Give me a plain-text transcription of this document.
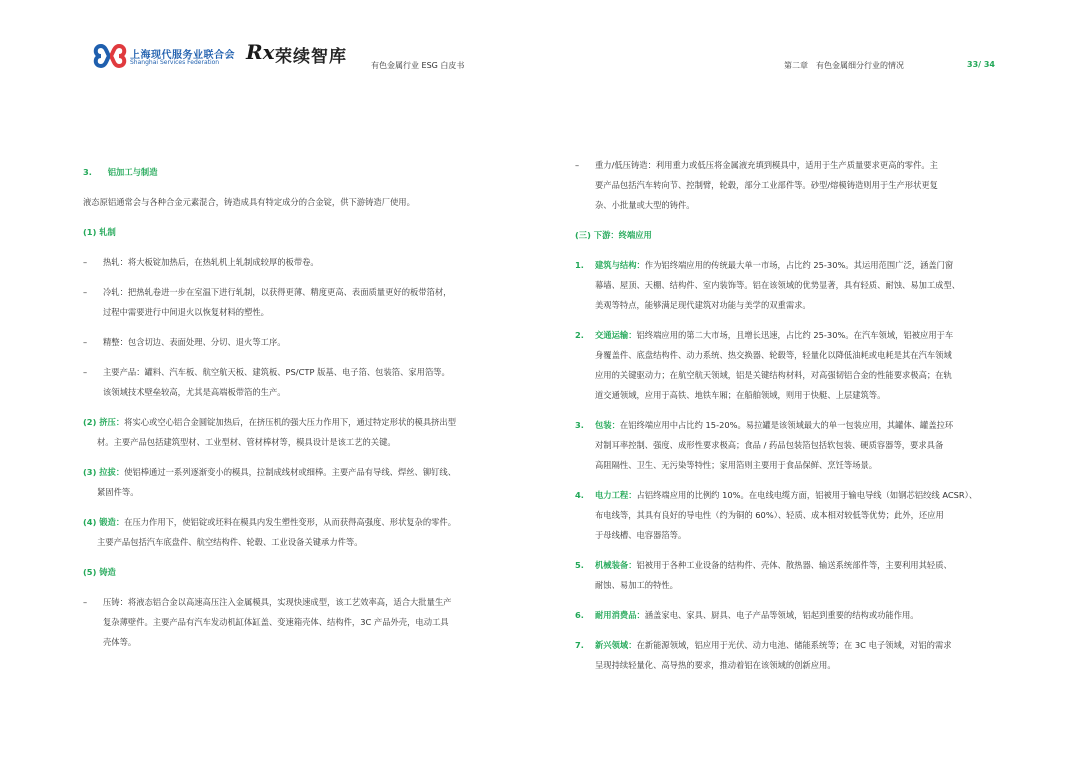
上海现代服务业联合会
Shanghai Services Federation Rx 荣续智库	有色金属行业 ESG 白皮书	第二章　有色金属细分行业的情况	33/ 34
3. 铝加工与制造
液态原铝通常会与各种合金元素混合，铸造成具有特定成分的合金锭，供下游铸造厂使用。
(1) 轧制
– 热轧：将大板锭加热后，在热轧机上轧制成较厚的板带卷。
– 冷轧：把热轧卷进一步在室温下进行轧制，以获得更薄、精度更高、表面质量更好的板带箔材，
过程中需要进行中间退火以恢复材料的塑性。
– 精整：包含切边、表面处理、分切、退火等工序。
– 主要产品：罐料、汽车板、航空航天板、建筑板、PS/CTP 版基、电子箔、包装箔、家用箔等。
该领域技术壁垒较高，尤其是高端板带箔的生产。
(2) 挤压：将实心或空心铝合金圆锭加热后，在挤压机的强大压力作用下，通过特定形状的模具挤出型
材。主要产品包括建筑型材、工业型材、管材棒材等，模具设计是该工艺的关键。
(3) 拉拔：使铝棒通过一系列逐渐变小的模具，拉制成线材或细棒。主要产品有导线、焊丝、铆钉线、
紧固件等。
(4) 锻造：在压力作用下，使铝锭或坯料在模具内发生塑性变形，从而获得高强度、形状复杂的零件。
主要产品包括汽车底盘件、航空结构件、轮毂、工业设备关键承力件等。
(5) 铸造
– 压铸：将液态铝合金以高速高压注入金属模具，实现快速成型，该工艺效率高，适合大批量生产
复杂薄壁件。主要产品有汽车发动机缸体缸盖、变速箱壳体、结构件，3C 产品外壳，电动工具
壳体等。
– 重力/低压铸造：利用重力或低压将金属液充填到模具中，适用于生产质量要求更高的零件。主
要产品包括汽车转向节、控制臂，轮毂，部分工业部件等。砂型/熔模铸造则用于生产形状更复
杂、小批量或大型的铸件。
(三) 下游：终端应用
1. 建筑与结构：作为铝终端应用的传统最大单一市场，占比约 25-30%。其运用范围广泛，涵盖门窗
幕墙、屋顶、天棚、结构件、室内装饰等。铝在该领域的优势显著，具有轻质、耐蚀、易加工成型、
美观等特点，能够满足现代建筑对功能与美学的双重需求。
2. 交通运输：铝终端应用的第二大市场，且增长迅速，占比约 25-30%。在汽车领域，铝被应用于车
身覆盖件、底盘结构件、动力系统、热交换器、轮毂等，轻量化以降低油耗或电耗是其在汽车领域
应用的关键驱动力；在航空航天领域，铝是关键结构材料，对高强韧铝合金的性能要求极高；在轨
道交通领域，应用于高铁、地铁车厢；在船舶领域，则用于快艇、上层建筑等。
3. 包装：在铝终端应用中占比约 15-20%。易拉罐是该领域最大的单一包装应用，其罐体、罐盖拉环
对制耳率控制、强度、成形性要求极高；食品 / 药品包装箔包括软包装、硬质容器等，要求具备
高阻隔性、卫生、无污染等特性；家用箔则主要用于食品保鲜、烹饪等场景。
4. 电力工程：占铝终端应用的比例约 10%。在电线电缆方面，铝被用于输电导线（如钢芯铝绞线 ACSR）、
布电线等，其具有良好的导电性（约为铜的 60%）、轻质、成本相对较低等优势；此外，还应用
于母线槽、电容器箔等。
5. 机械装备：铝被用于各种工业设备的结构件、壳体、散热器、输送系统部件等，主要利用其轻质、
耐蚀、易加工的特性。
6. 耐用消费品：涵盖家电、家具、厨具、电子产品等领域，铝起到重要的结构或功能作用。
7. 新兴领域：在新能源领域，铝应用于光伏、动力电池、储能系统等；在 3C 电子领域，对铝的需求
呈现持续轻量化、高导热的要求，推动着铝在该领域的创新应用。
